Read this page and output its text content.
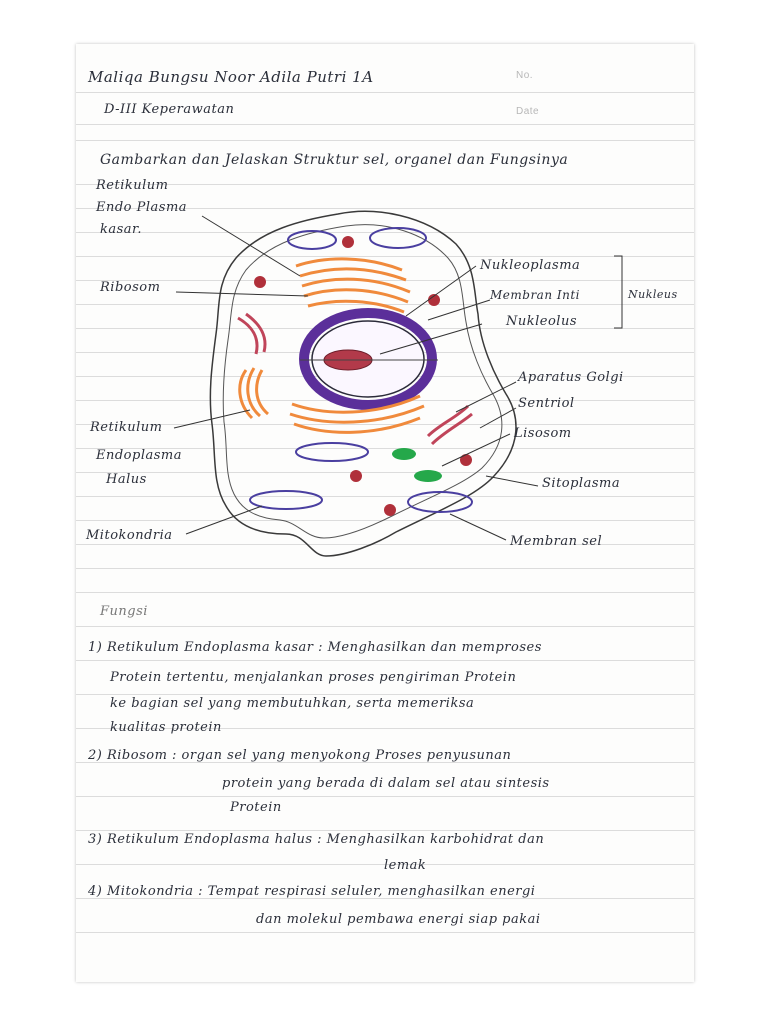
Maliqa Bungsu Noor Adila Putri 1A
D-III Keperawatan
No.
Date
Gambarkan dan Jelaskan Struktur sel, organel dan Fungsinya
Retikulum
Endo Plasma
kasar.
Ribosom
Nukleoplasma
Membran Inti	Nukleus
Nukleolus
Aparatus Golgi
Sentriol
Lisosom
Retikulum
Endoplasma
Halus	Sitoplasma
Mitokondria	Membran sel
Fungsi
1) Retikulum Endoplasma kasar : Menghasilkan dan memproses
Protein tertentu, menjalankan proses pengiriman Protein
ke bagian sel yang membutuhkan, serta memeriksa
kualitas protein
2) Ribosom : organ sel yang menyokong Proses penyusunan
protein yang berada di dalam sel atau sintesis
Protein
3) Retikulum Endoplasma halus : Menghasilkan karbohidrat dan
lemak
4) Mitokondria : Tempat respirasi seluler, menghasilkan energi
dan molekul pembawa energi siap pakai
